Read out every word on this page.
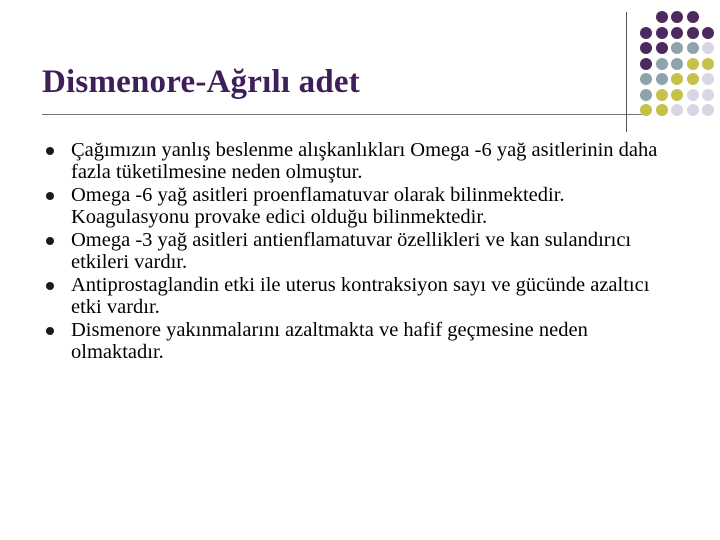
Dismenore-Ağrılı adet
Çağımızın yanlış beslenme alışkanlıkları Omega -6 yağ asitlerinin daha fazla tüketilmesine neden olmuştur.
Omega -6 yağ asitleri proenflamatuvar olarak bilinmektedir. Koagulasyonu provake edici olduğu bilinmektedir.
Omega -3 yağ asitleri antienflamatuvar özellikleri ve kan sulandırıcı etkileri vardır.
Antiprostaglandin etki ile uterus kontraksiyon sayı ve gücünde azaltıcı etki vardır.
Dismenore yakınmalarını azaltmakta ve hafif geçmesine neden olmaktadır.
